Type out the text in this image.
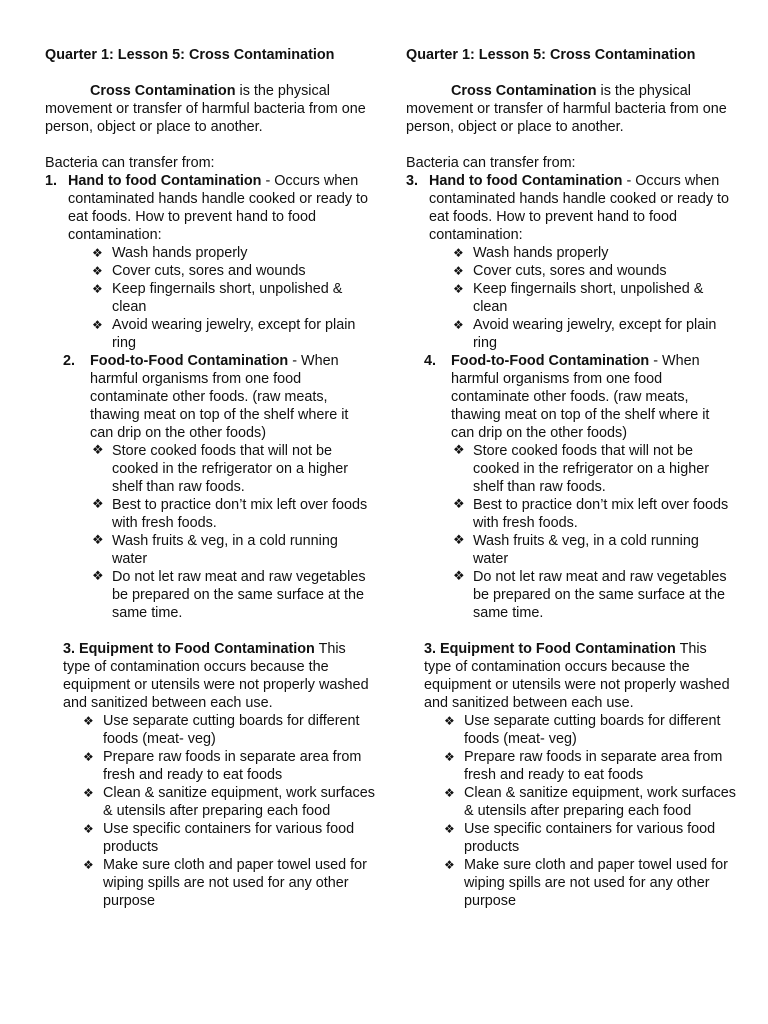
Quarter 1: Lesson 5: Cross Contamination

Cross Contamination is the physical movement or transfer of harmful bacteria from one person, object or place to another.
Bacteria can transfer from:
1. Hand to food Contamination - Occurs when contaminated hands handle cooked or ready to eat foods. How to prevent hand to food contamination:
❖ Wash hands properly
❖ Cover cuts, sores and wounds
❖ Keep fingernails short, unpolished & clean
❖ Avoid wearing jewelry, except for plain ring
2. Food-to-Food Contamination - When harmful organisms from one food contaminate other foods. (raw meats, thawing meat on top of the shelf where it can drip on the other foods)
❖ Store cooked foods that will not be cooked in the refrigerator on a higher shelf than raw foods.
❖ Best to practice don’t mix left over foods with fresh foods.
❖ Wash fruits & veg, in a cold running water
❖ Do not let raw meat and raw vegetables be prepared on the same surface at the same time.
3. Equipment to Food Contamination This type of contamination occurs because the equipment or utensils were not properly washed and sanitized between each use.
❖ Use separate cutting boards for different foods (meat- veg)
❖ Prepare raw foods in separate area from fresh and ready to eat foods
❖ Clean & sanitize equipment, work surfaces & utensils after preparing each food
❖ Use specific containers for various food products
❖ Make sure cloth and paper towel used for wiping spills are not used for any other purpose

Quarter 1: Lesson 5: Cross Contamination

Cross Contamination is the physical movement or transfer of harmful bacteria from one person, object or place to another.
Bacteria can transfer from:
3. Hand to food Contamination - Occurs when contaminated hands handle cooked or ready to eat foods. How to prevent hand to food contamination:
❖ Wash hands properly
❖ Cover cuts, sores and wounds
❖ Keep fingernails short, unpolished & clean
❖ Avoid wearing jewelry, except for plain ring
4. Food-to-Food Contamination - When harmful organisms from one food contaminate other foods. (raw meats, thawing meat on top of the shelf where it can drip on the other foods)
❖ Store cooked foods that will not be cooked in the refrigerator on a higher shelf than raw foods.
❖ Best to practice don’t mix left over foods with fresh foods.
❖ Wash fruits & veg, in a cold running water
❖ Do not let raw meat and raw vegetables be prepared on the same surface at the same time.
3. Equipment to Food Contamination This type of contamination occurs because the equipment or utensils were not properly washed and sanitized between each use.
❖ Use separate cutting boards for different foods (meat- veg)
❖ Prepare raw foods in separate area from fresh and ready to eat foods
❖ Clean & sanitize equipment, work surfaces & utensils after preparing each food
❖ Use specific containers for various food products
❖ Make sure cloth and paper towel used for wiping spills are not used for any other purpose
